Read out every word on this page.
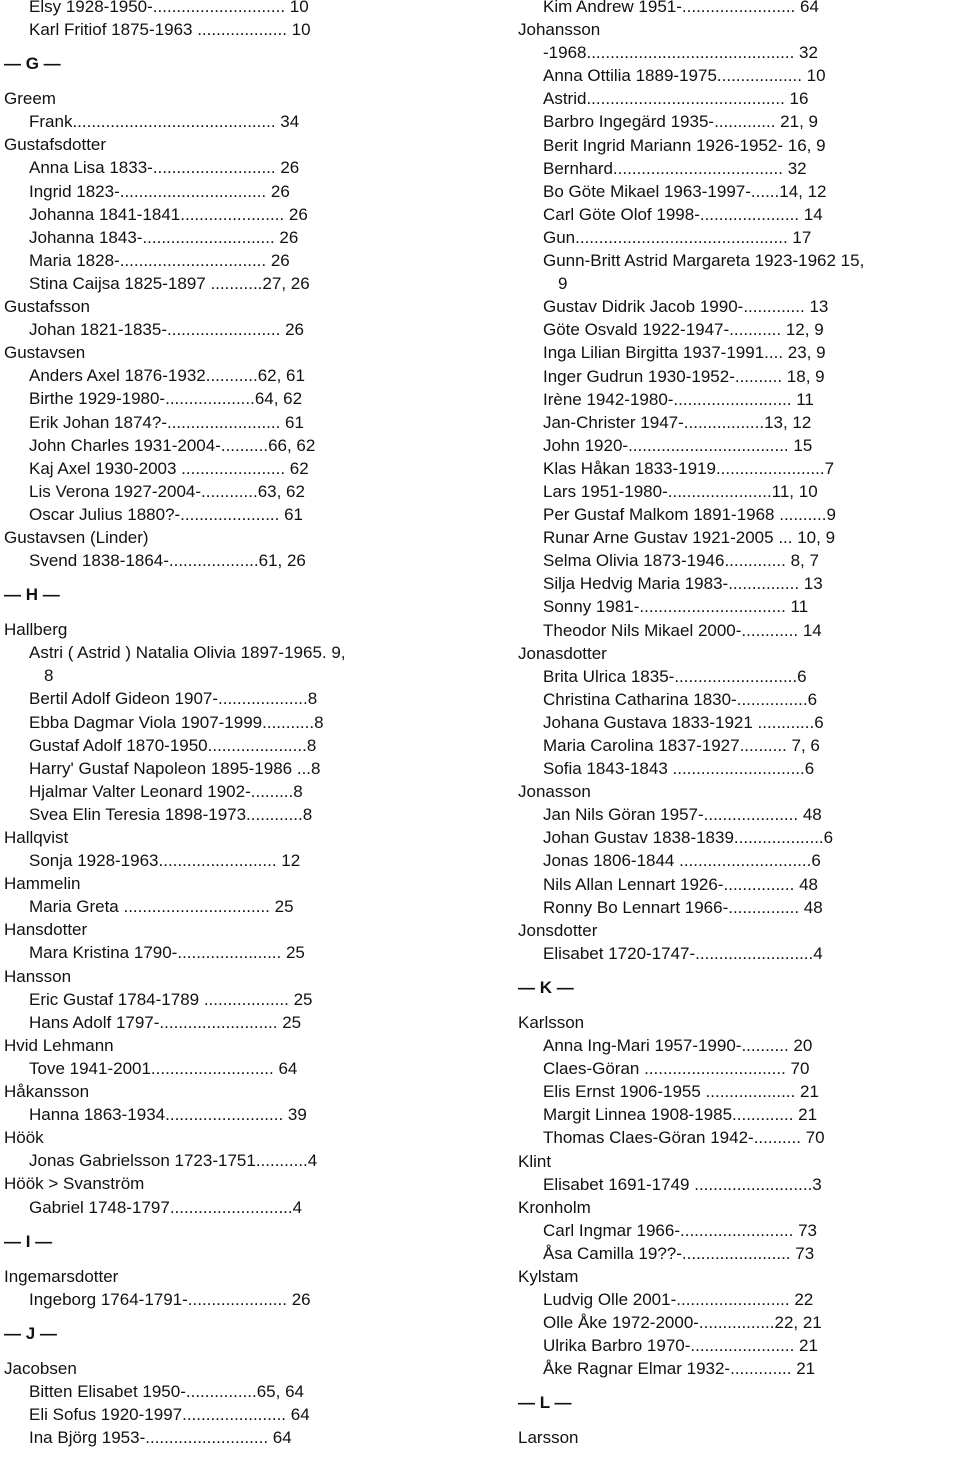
Elsy 1928-1950-............................ 10
Karl Fritiof 1875-1963 ................... 10
— G —
Greem
Frank........................................... 34
Gustafsdotter
Anna Lisa 1833-.......................... 26
Ingrid 1823-............................... 26
Johanna 1841-1841...................... 26
Johanna 1843-............................ 26
Maria 1828-............................... 26
Stina Caijsa 1825-1897 ...........27, 26
Gustafsson
Johan 1821-1835-........................ 26
Gustavsen
Anders Axel 1876-1932...........62, 61
Birthe 1929-1980-...................64, 62
Erik Johan 1874?-........................ 61
John Charles 1931-2004-..........66, 62
Kaj Axel 1930-2003 ...................... 62
Lis Verona 1927-2004-............63, 62
Oscar Julius 1880?-..................... 61
Gustavsen (Linder)
Svend 1838-1864-...................61, 26
— H —
Hallberg
Astri ( Astrid ) Natalia Olivia 1897-1965. 9,
8
Bertil Adolf Gideon 1907-...................8
Ebba Dagmar Viola 1907-1999...........8
Gustaf Adolf 1870-1950.....................8
Harry' Gustaf Napoleon 1895-1986 ...8
Hjalmar Valter Leonard 1902-.........8
Svea Elin Teresia 1898-1973............8
Hallqvist
Sonja 1928-1963......................... 12
Hammelin
Maria Greta ............................... 25
Hansdotter
Mara Kristina 1790-...................... 25
Hansson
Eric Gustaf 1784-1789 .................. 25
Hans Adolf 1797-......................... 25
Hvid Lehmann
Tove 1941-2001.......................... 64
Håkansson
Hanna 1863-1934......................... 39
Höök
Jonas Gabrielsson 1723-1751...........4
Höök > Svanström
Gabriel 1748-1797..........................4
— I —
Ingemarsdotter
Ingeborg 1764-1791-..................... 26
— J —
Jacobsen
Bitten Elisabet 1950-...............65, 64
Eli Sofus 1920-1997...................... 64
Ina Björg 1953-.......................... 64
Kim Andrew 1951-........................ 64
Johansson
-1968............................................ 32
Anna Ottilia 1889-1975.................. 10
Astrid.......................................... 16
Barbro Ingegärd 1935-............. 21, 9
Berit Ingrid Mariann 1926-1952- 16, 9
Bernhard.................................... 32
Bo Göte Mikael 1963-1997-......14, 12
Carl Göte Olof 1998-..................... 14
Gun............................................. 17
Gunn-Britt Astrid Margareta 1923-1962 15,
9
Gustav Didrik Jacob 1990-............. 13
Göte Osvald 1922-1947-........... 12, 9
Inga Lilian Birgitta 1937-1991.... 23, 9
Inger Gudrun 1930-1952-.......... 18, 9
Irène 1942-1980-......................... 11
Jan-Christer 1947-.................13, 12
John 1920-.................................. 15
Klas Håkan 1833-1919.......................7
Lars 1951-1980-......................11, 10
Per Gustaf Malkom 1891-1968 ..........9
Runar Arne Gustav 1921-2005 ... 10, 9
Selma Olivia 1873-1946............. 8, 7
Silja Hedvig Maria 1983-............... 13
Sonny 1981-............................... 11
Theodor Nils Mikael 2000-............ 14
Jonasdotter
Brita Ulrica 1835-..........................6
Christina Catharina 1830-...............6
Johana Gustava 1833-1921 ............6
Maria Carolina 1837-1927.......... 7, 6
Sofia 1843-1843 ............................6
Jonasson
Jan Nils Göran 1957-.................... 48
Johan Gustav 1838-1839...................6
Jonas 1806-1844 ............................6
Nils Allan Lennart 1926-............... 48
Ronny Bo Lennart 1966-............... 48
Jonsdotter
Elisabet 1720-1747-.........................4
— K —
Karlsson
Anna Ing-Mari 1957-1990-.......... 20
Claes-Göran .............................. 70
Elis Ernst 1906-1955 ................... 21
Margit Linnea 1908-1985............. 21
Thomas Claes-Göran 1942-.......... 70
Klint
Elisabet 1691-1749 .........................3
Kronholm
Carl Ingmar 1966-........................ 73
Åsa Camilla 19??-....................... 73
Kylstam
Ludvig Olle 2001-........................ 22
Olle Åke 1972-2000-................22, 21
Ulrika Barbro 1970-...................... 21
Åke Ragnar Elmar 1932-............. 21
— L —
Larsson
